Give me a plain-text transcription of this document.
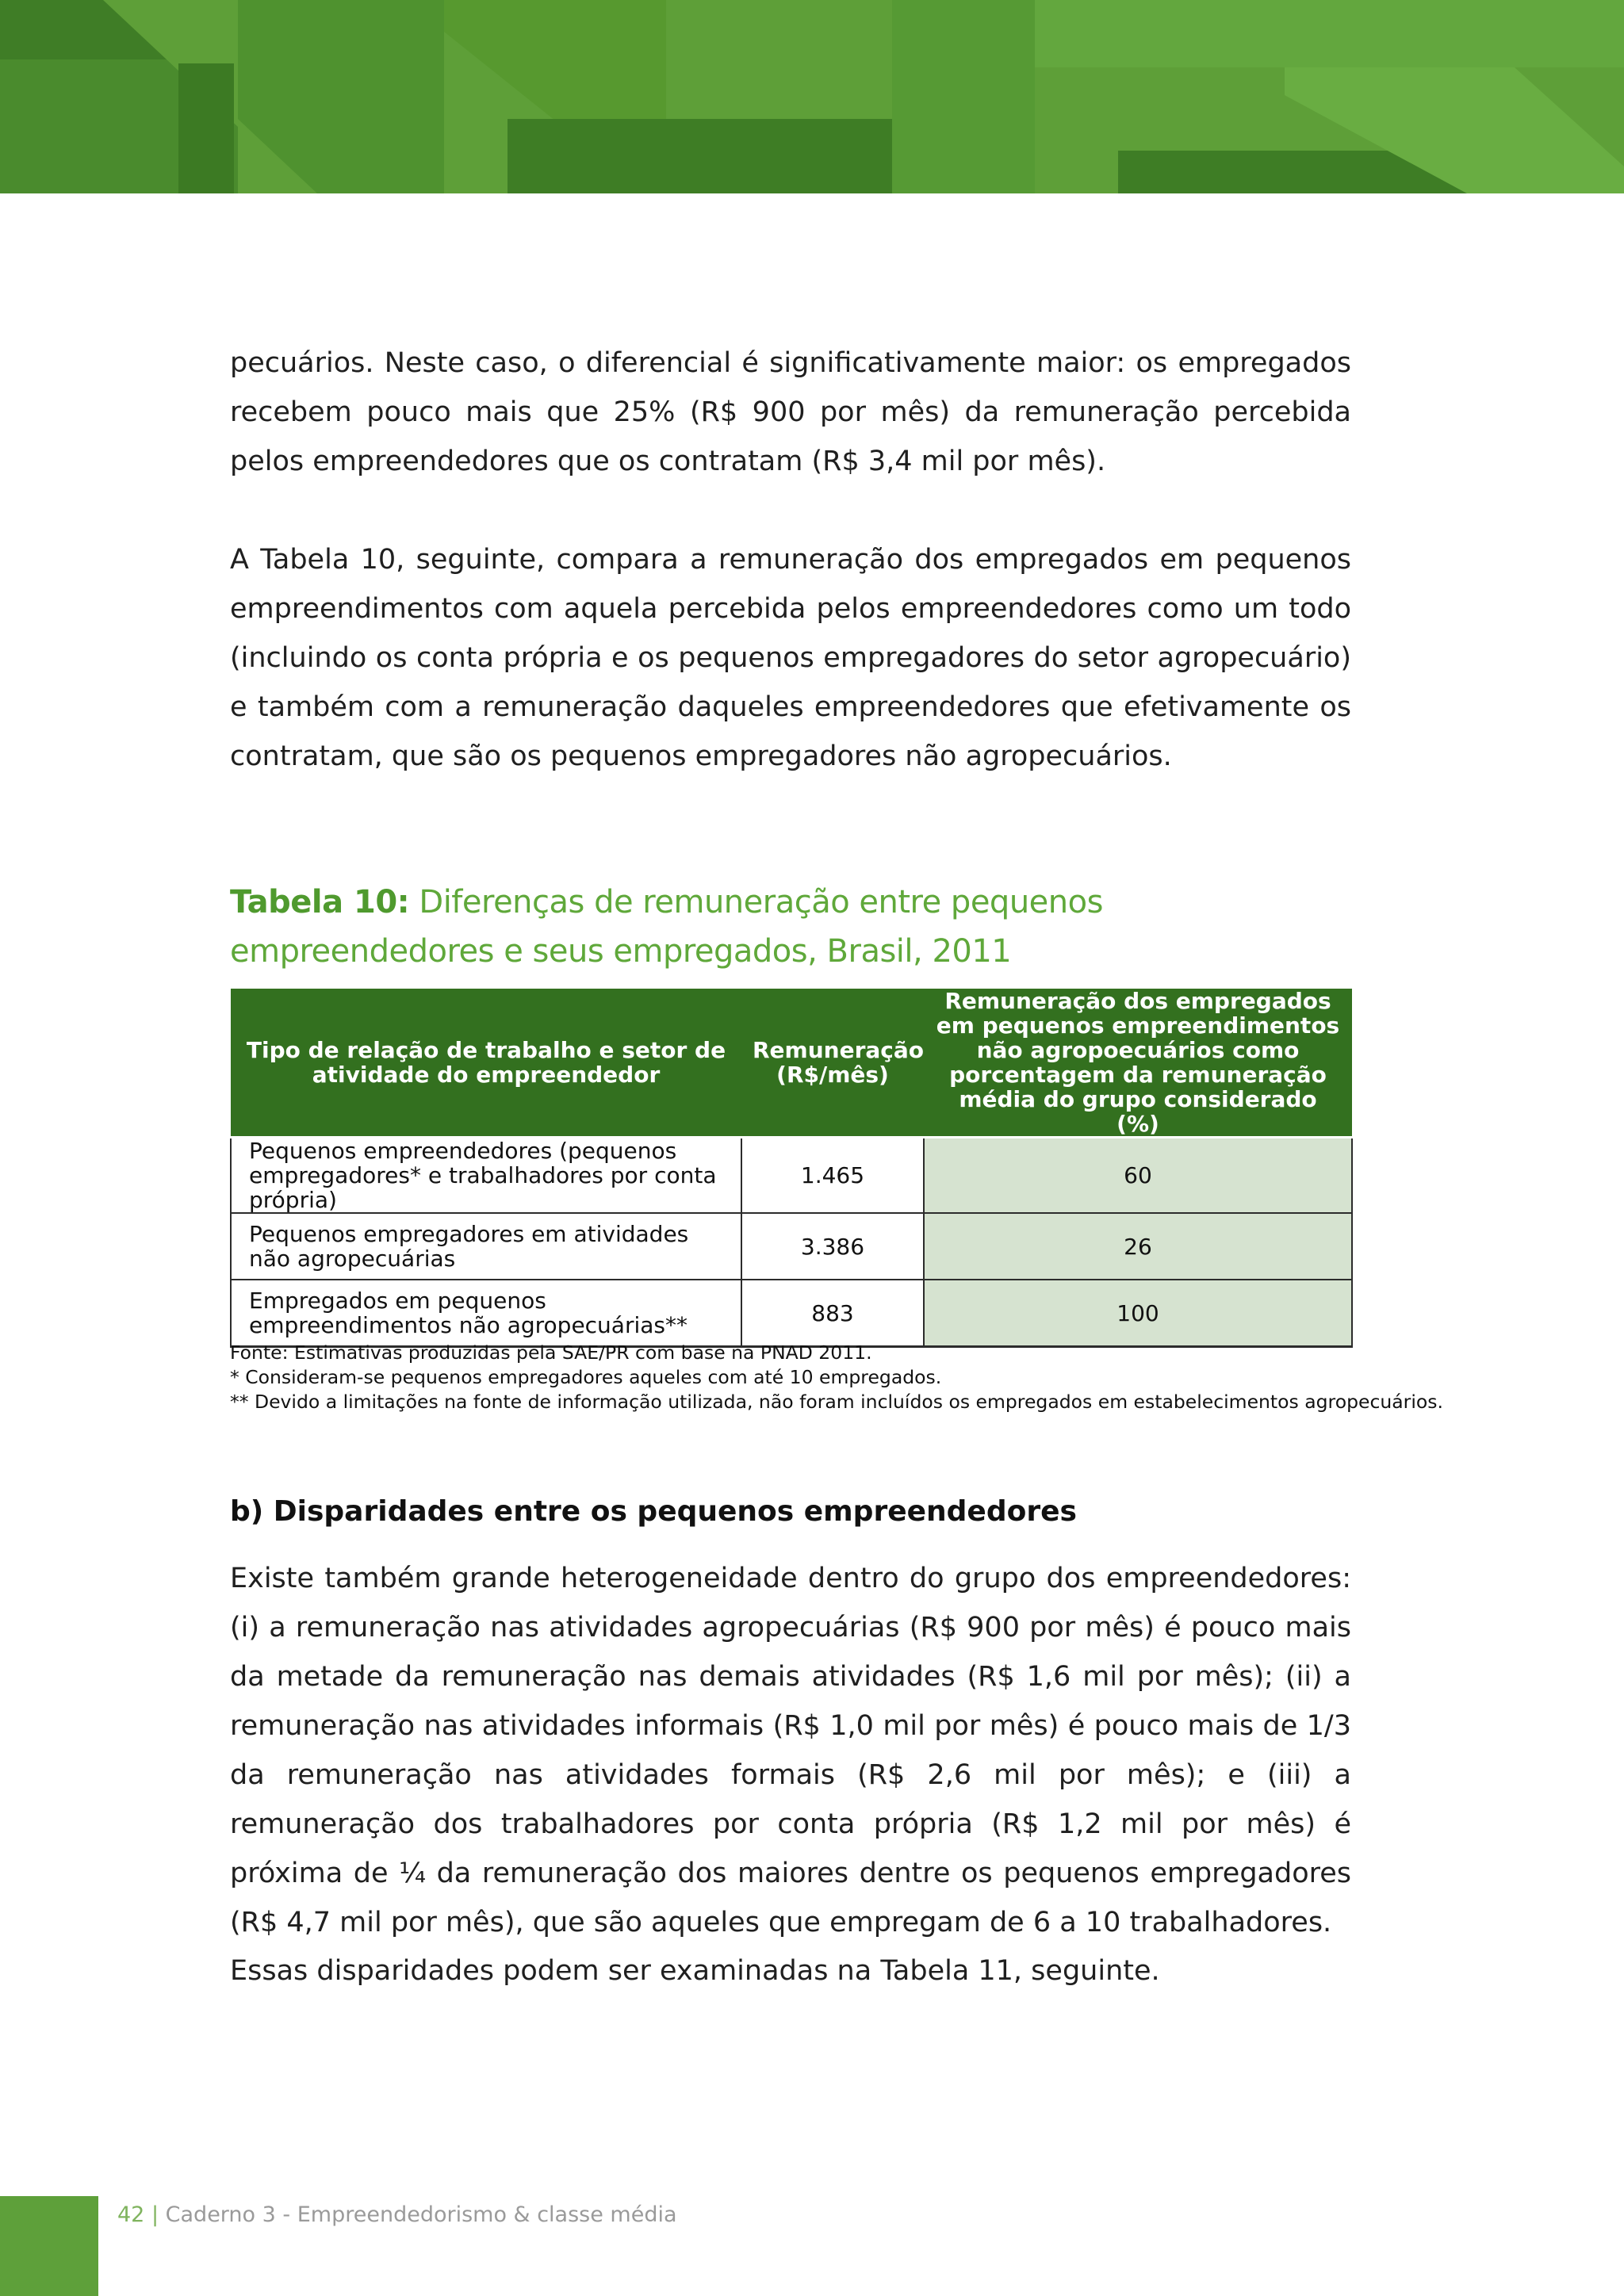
pecuários. Neste caso, o diferencial é significativamente maior: os empregados recebem pouco mais que 25% (R$ 900 por mês) da remuneração percebida pelos empreendedores que os contratam (R$ 3,4 mil por mês).

A Tabela 10, seguinte, compara a remuneração dos empregados em pequenos empreendimentos com aquela percebida pelos empreendedores como um todo (incluindo os conta própria e os pequenos empregadores do setor agropecuário) e também com a remuneração daqueles empreendedores que efetivamente os contratam, que são os pequenos empregadores não agropecuários.

Tabela 10: Diferenças de remuneração entre pequenos empreendedores e seus empregados, Brasil, 2011
Tipo de relação de trabalho e setor de atividade do empreendedor	Remuneração (R$/mês)	Remuneração dos empregados em pequenos empreendimentos não agropoecuários como porcentagem da remuneração média do grupo considerado (%)
Pequenos empreendedores (pequenos empregadores* e trabalhadores por conta própria)	1.465	60
Pequenos empregadores em atividades não agropecuárias	3.386	26
Empregados em pequenos empreendimentos não agropecuárias**	883	100
Fonte: Estimativas produzidas pela SAE/PR com base na PNAD 2011.
* Consideram-se pequenos empregadores aqueles com até 10 empregados.
** Devido a limitações na fonte de informação utilizada, não foram incluídos os empregados em estabelecimentos agropecuários.
b) Disparidades entre os pequenos empreendedores

Existe também grande heterogeneidade dentro do grupo dos empreendedores: (i) a remuneração nas atividades agropecuárias (R$ 900 por mês) é pouco mais da metade da remuneração nas demais atividades (R$ 1,6 mil por mês); (ii) a remuneração nas atividades informais (R$ 1,0 mil por mês) é pouco mais de 1/3 da remuneração nas atividades formais (R$ 2,6 mil por mês); e (iii) a remuneração dos trabalhadores por conta própria (R$ 1,2 mil por mês) é próxima de ¼ da remuneração dos maiores dentre os pequenos empregadores (R$ 4,7 mil por mês), que são aqueles que empregam de 6 a 10 trabalhadores.

Essas disparidades podem ser examinadas na Tabela 11, seguinte.

42 | Caderno 3 - Empreendedorismo & classe média
